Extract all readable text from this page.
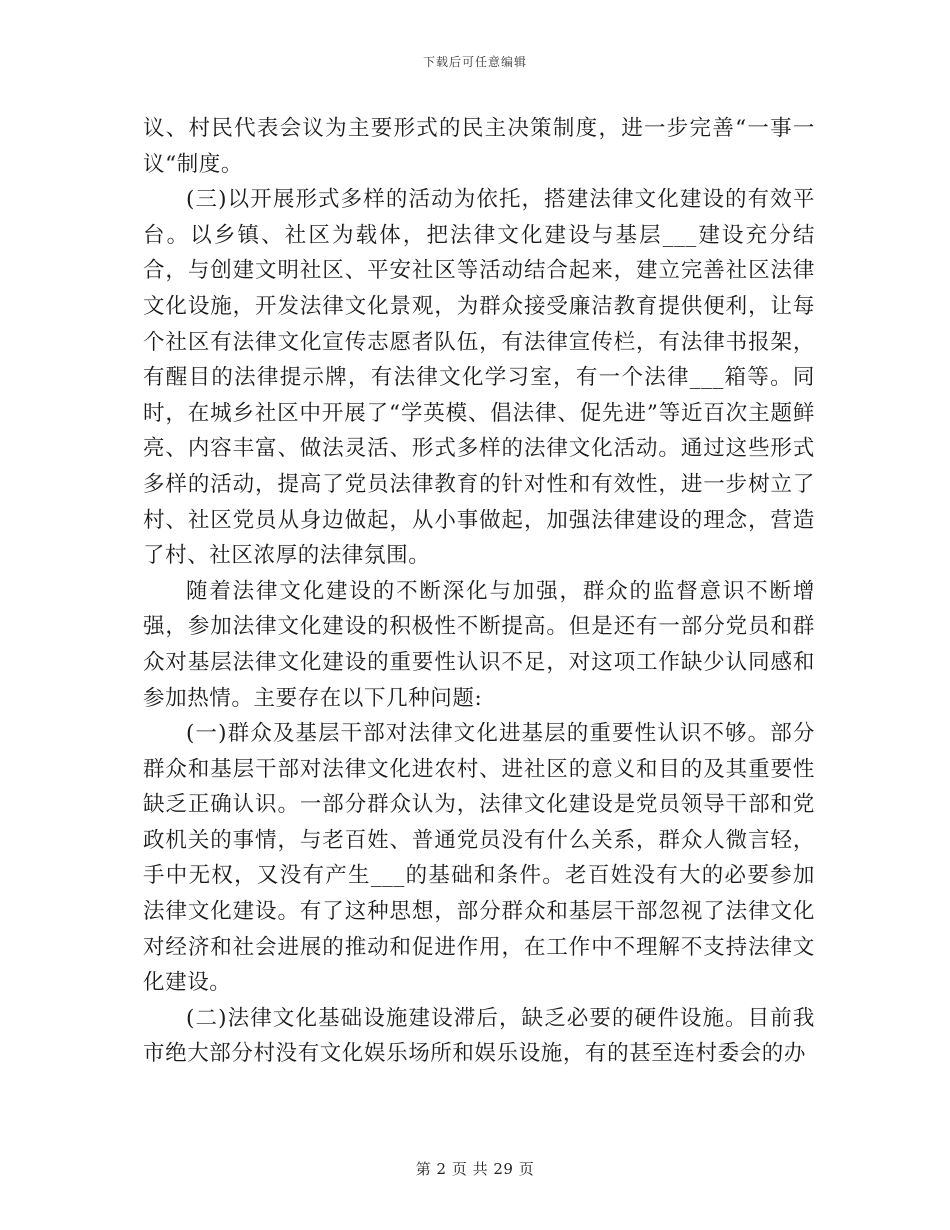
下载后可任意编辑

议、村民代表会议为主要形式的民主决策制度，进一步完善“一事一议“制度。

(三)以开展形式多样的活动为依托，搭建法律文化建设的有效平台。以乡镇、社区为载体，把法律文化建设与基层___建设充分结合，与创建文明社区、平安社区等活动结合起来，建立完善社区法律文化设施，开发法律文化景观，为群众接受廉洁教育提供便利，让每个社区有法律文化宣传志愿者队伍，有法律宣传栏，有法律书报架，有醒目的法律提示牌，有法律文化学习室，有一个法律___箱等。同时，在城乡社区中开展了“学英模、倡法律、促先进”等近百次主题鲜亮、内容丰富、做法灵活、形式多样的法律文化活动。通过这些形式多样的活动，提高了党员法律教育的针对性和有效性，进一步树立了村、社区党员从身边做起，从小事做起，加强法律建设的理念，营造了村、社区浓厚的法律氛围。

随着法律文化建设的不断深化与加强，群众的监督意识不断增强，参加法律文化建设的积极性不断提高。但是还有一部分党员和群众对基层法律文化建设的重要性认识不足，对这项工作缺少认同感和参加热情。主要存在以下几种问题:

(一)群众及基层干部对法律文化进基层的重要性认识不够。部分群众和基层干部对法律文化进农村、进社区的意义和目的及其重要性缺乏正确认识。一部分群众认为，法律文化建设是党员领导干部和党政机关的事情，与老百姓、普通党员没有什么关系，群众人微言轻，手中无权，又没有产生___的基础和条件。老百姓没有大的必要参加法律文化建设。有了这种思想，部分群众和基层干部忽视了法律文化对经济和社会进展的推动和促进作用，在工作中不理解不支持法律文化建设。

(二)法律文化基础设施建设滞后，缺乏必要的硬件设施。目前我市绝大部分村没有文化娱乐场所和娱乐设施，有的甚至连村委会的办

第 2 页 共 29 页
